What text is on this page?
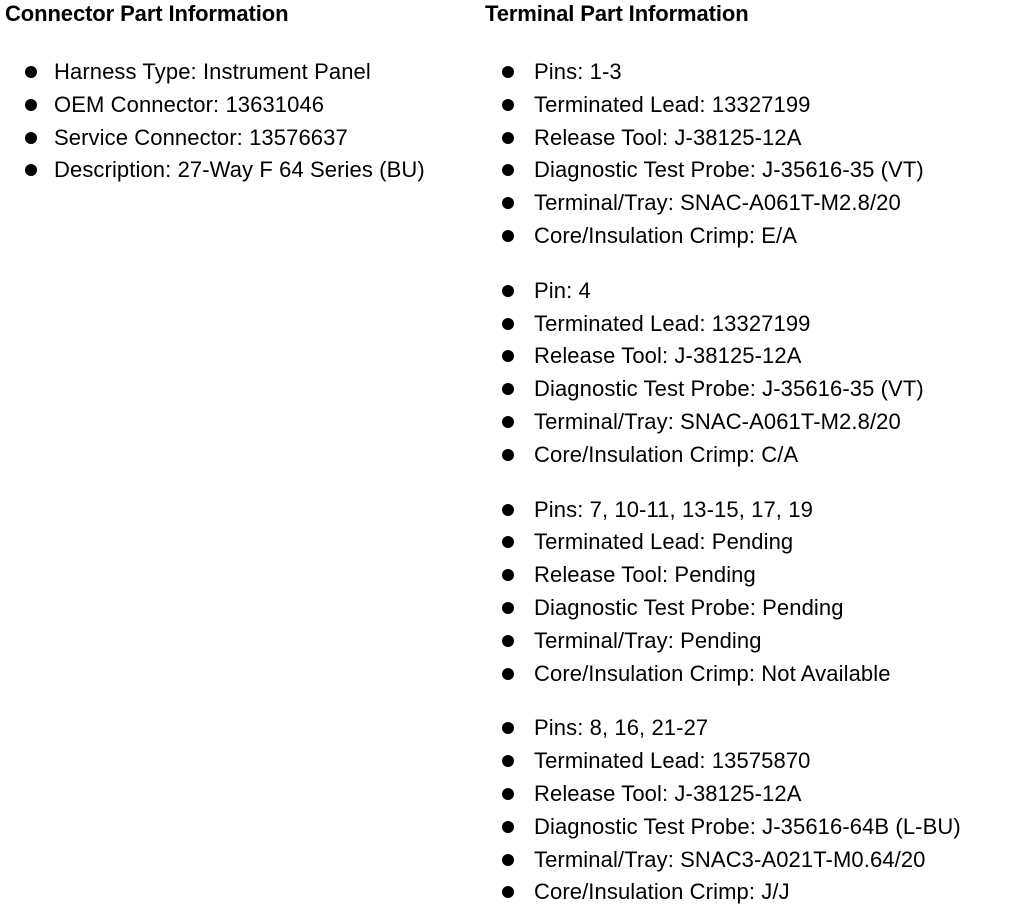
Connector Part Information
Harness Type: Instrument Panel
OEM Connector: 13631046
Service Connector: 13576637
Description: 27-Way F 64 Series (BU)
Terminal Part Information
Pins: 1-3
Terminated Lead: 13327199
Release Tool: J-38125-12A
Diagnostic Test Probe: J-35616-35 (VT)
Terminal/Tray: SNAC-A061T-M2.8/20
Core/Insulation Crimp: E/A
Pin: 4
Terminated Lead: 13327199
Release Tool: J-38125-12A
Diagnostic Test Probe: J-35616-35 (VT)
Terminal/Tray: SNAC-A061T-M2.8/20
Core/Insulation Crimp: C/A
Pins: 7, 10-11, 13-15, 17, 19
Terminated Lead: Pending
Release Tool: Pending
Diagnostic Test Probe: Pending
Terminal/Tray: Pending
Core/Insulation Crimp: Not Available
Pins: 8, 16, 21-27
Terminated Lead: 13575870
Release Tool: J-38125-12A
Diagnostic Test Probe: J-35616-64B (L-BU)
Terminal/Tray: SNAC3-A021T-M0.64/20
Core/Insulation Crimp: J/J
